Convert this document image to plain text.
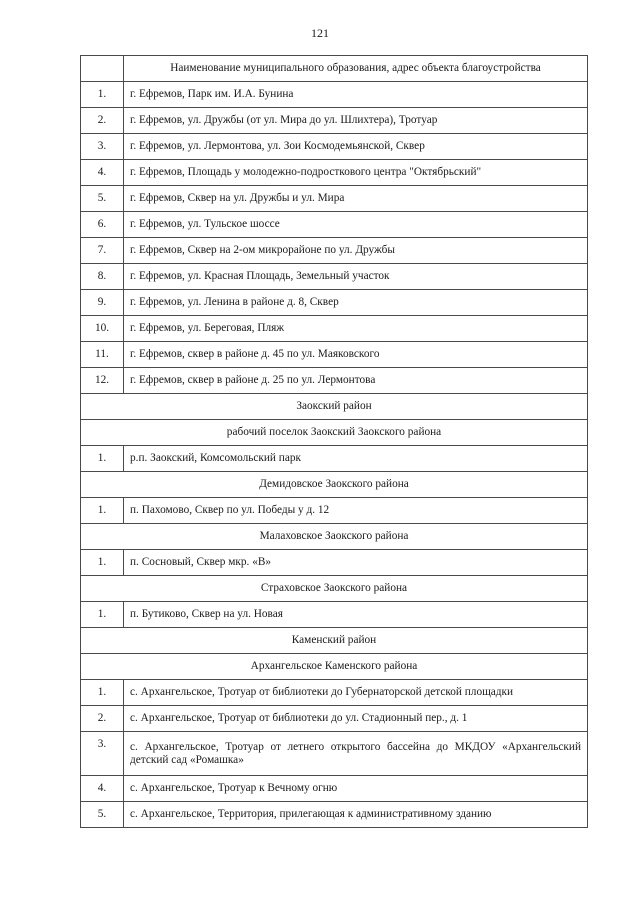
121
	Наименование муниципального образования, адрес объекта благоустройства
1.	г. Ефремов, Парк им. И.А. Бунина
2.	г. Ефремов, ул. Дружбы (от ул. Мира до ул. Шлихтера), Тротуар
3.	г. Ефремов, ул. Лермонтова, ул. Зои Космодемьянской, Сквер
4.	г. Ефремов, Площадь у молодежно-подросткового центра "Октябрьский"
5.	г. Ефремов, Сквер на ул. Дружбы и ул. Мира
6.	г. Ефремов, ул. Тульское шоссе
7.	г. Ефремов, Сквер на 2-ом микрорайоне по ул. Дружбы
8.	г. Ефремов, ул. Красная Площадь, Земельный участок
9.	г. Ефремов, ул. Ленина в районе д. 8, Сквер
10.	г. Ефремов, ул. Береговая, Пляж
11.	г. Ефремов, сквер в районе д. 45 по ул. Маяковского
12.	г. Ефремов, сквер в районе д. 25 по ул. Лермонтова
Заокский район	
рабочий поселок Заокский Заокского района	
1.	р.п. Заокский, Комсомольский парк
Демидовское Заокского района	
1.	п. Пахомово, Сквер по ул. Победы у д. 12
Малаховское Заокского района	
1.	п. Сосновый, Сквер мкр. «В»
Страховское Заокского района	
1.	п. Бутиково, Сквер на ул. Новая
Каменский район	
Архангельское Каменского района	
1.	с. Архангельское, Тротуар от библиотеки до Губернаторской детской площадки
2.	с. Архангельское, Тротуар от библиотеки до ул. Стадионный пер., д. 1
3.	с. Архангельское, Тротуар от летнего открытого бассейна до МКДОУ «Архангельский детский сад «Ромашка»
4.	с. Архангельское, Тротуар к Вечному огню
5.	с. Архангельское, Территория, прилегающая к административному зданию
